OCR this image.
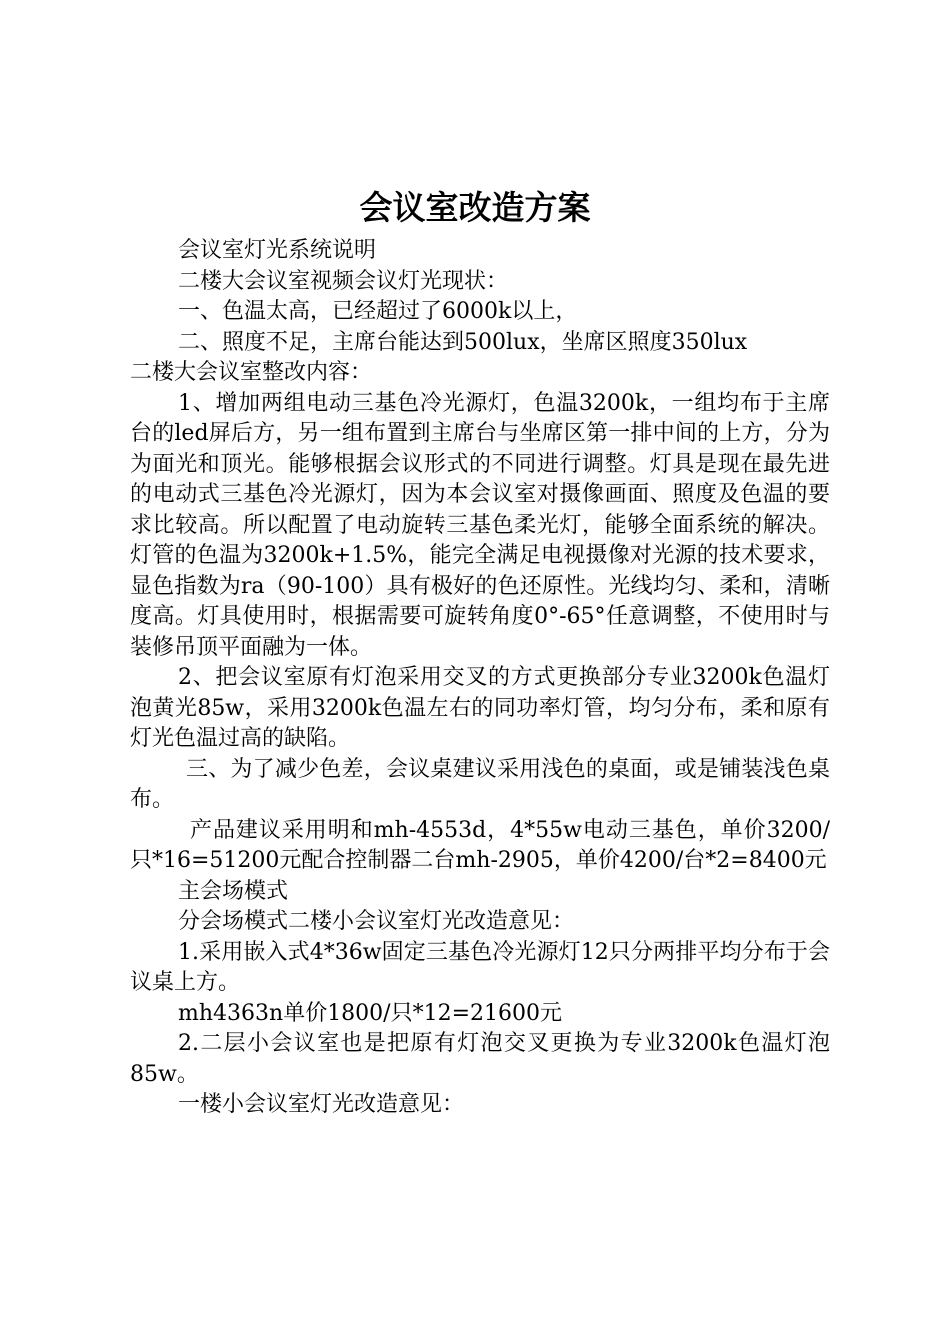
会议室改造方案

会议室灯光系统说明

二楼大会议室视频会议灯光现状：

一、色温太高，已经超过了6000k以上，

二、照度不足，主席台能达到500lux，坐席区照度350lux

二楼大会议室整改内容：

1、增加两组电动三基色冷光源灯，色温3200k，一组均布于主席台的led屏后方，另一组布置到主席台与坐席区第一排中间的上方，分为为面光和顶光。能够根据会议形式的不同进行调整。灯具是现在最先进的电动式三基色冷光源灯，因为本会议室对摄像画面、照度及色温的要求比较高。所以配置了电动旋转三基色柔光灯，能够全面系统的解决。灯管的色温为3200k+1.5%，能完全满足电视摄像对光源的技术要求，显色指数为ra（90-100）具有极好的色还原性。光线均匀、柔和，清晰度高。灯具使用时，根据需要可旋转角度0°-65°任意调整，不使用时与装修吊顶平面融为一体。

2、把会议室原有灯泡采用交叉的方式更换部分专业3200k色温灯泡黄光85w，采用3200k色温左右的同功率灯管，均匀分布，柔和原有灯光色温过高的缺陷。

三、为了减少色差，会议桌建议采用浅色的桌面，或是铺装浅色桌布。

产品建议采用明和mh-4553d，4*55w电动三基色，单价3200/只*16=51200元配合控制器二台mh-2905，单价4200/台*2=8400元

主会场模式

分会场模式二楼小会议室灯光改造意见：

1.采用嵌入式4*36w固定三基色冷光源灯12只分两排平均分布于会议桌上方。

mh4363n单价1800/只*12=21600元

2.二层小会议室也是把原有灯泡交叉更换为专业3200k色温灯泡85w。

一楼小会议室灯光改造意见：
